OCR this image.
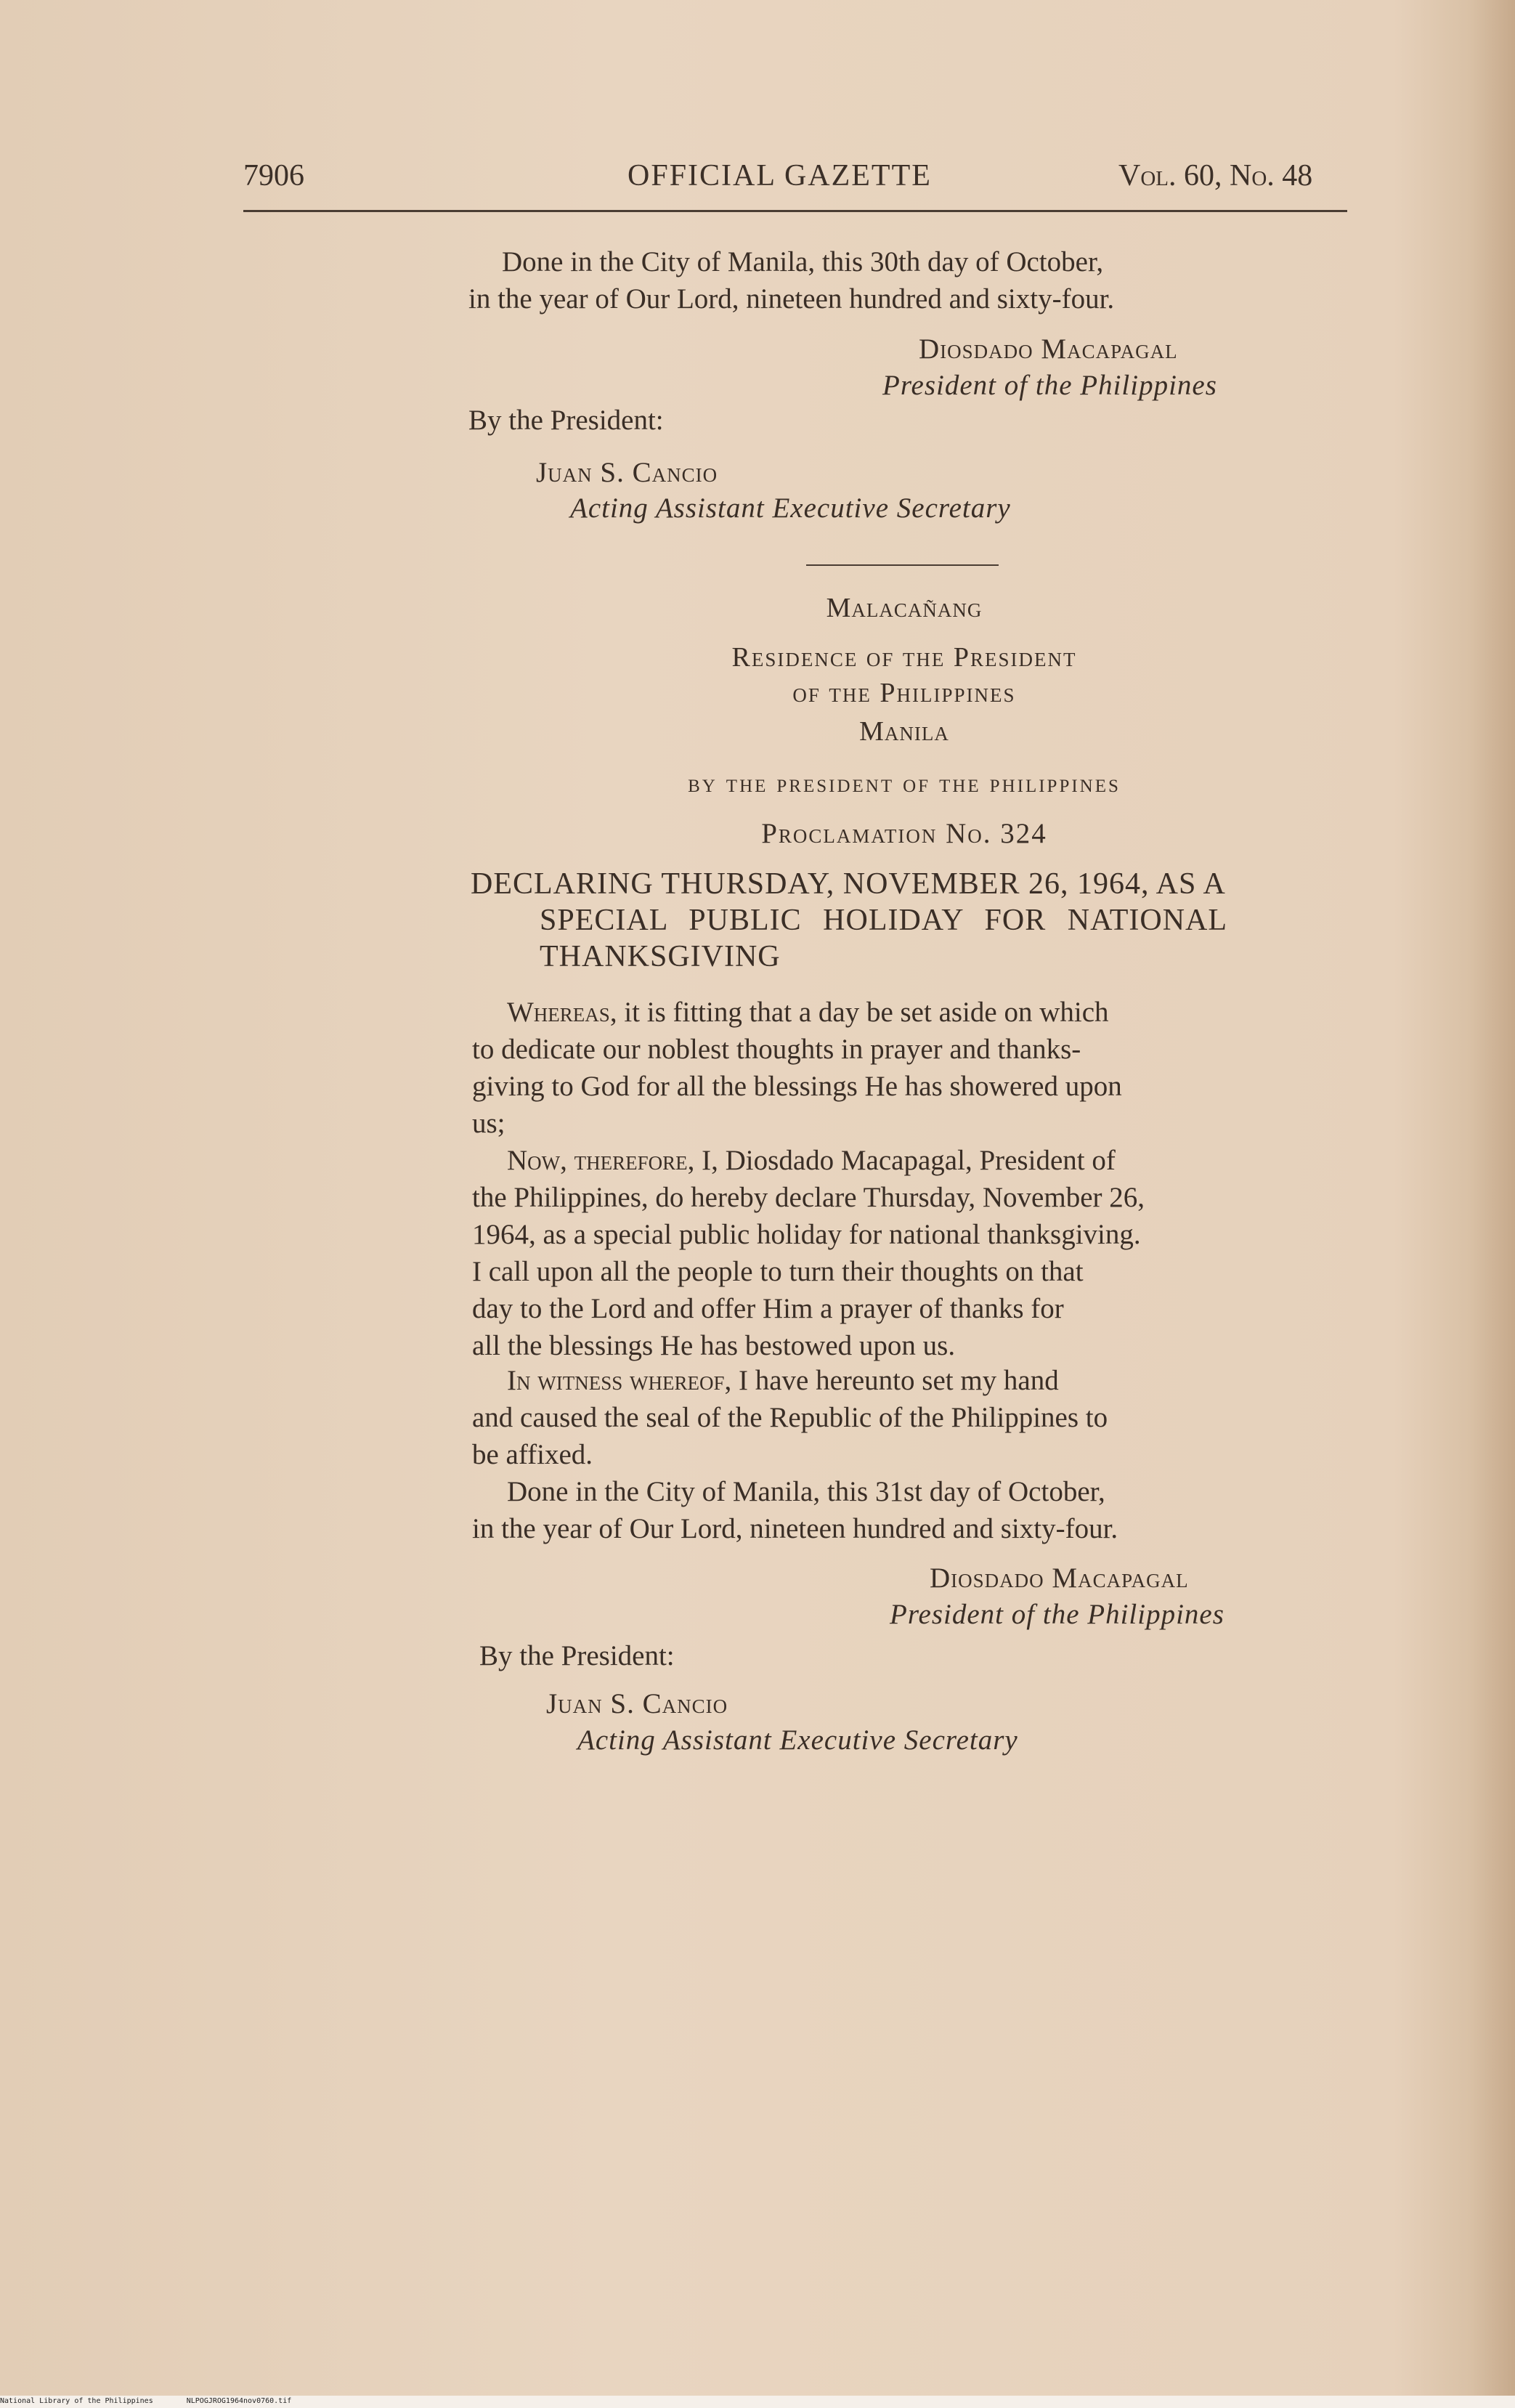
7906	OFFICIAL GAZETTE	Vol. 60, No. 48
Done in the City of Manila, this 30th day of October,
in the year of Our Lord, nineteen hundred and sixty-four.
Diosdado Macapagal
President of the Philippines
By the President:
Juan S. Cancio
Acting Assistant Executive Secretary
Malacañang
Residence of the President
of the Philippines
Manila
by the president of the philippines
Proclamation No. 324
DECLARING THURSDAY, NOVEMBER 26, 1964, AS A
SPECIAL PUBLIC HOLIDAY FOR NATIONAL
THANKSGIVING
Whereas, it is fitting that a day be set aside on which
to dedicate our noblest thoughts in prayer and thanks-
giving to God for all the blessings He has showered upon
us;
Now, therefore, I, Diosdado Macapagal, President of
the Philippines, do hereby declare Thursday, November 26,
1964, as a special public holiday for national thanksgiving.
I call upon all the people to turn their thoughts on that
day to the Lord and offer Him a prayer of thanks for
all the blessings He has bestowed upon us.
In witness whereof, I have hereunto set my hand
and caused the seal of the Republic of the Philippines to
be affixed.
Done in the City of Manila, this 31st day of October,
in the year of Our Lord, nineteen hundred and sixty-four.
Diosdado Macapagal
President of the Philippines
By the President:
Juan S. Cancio
Acting Assistant Executive Secretary
National Library of the Philippines	NLPOGJROG1964nov0760.tif
